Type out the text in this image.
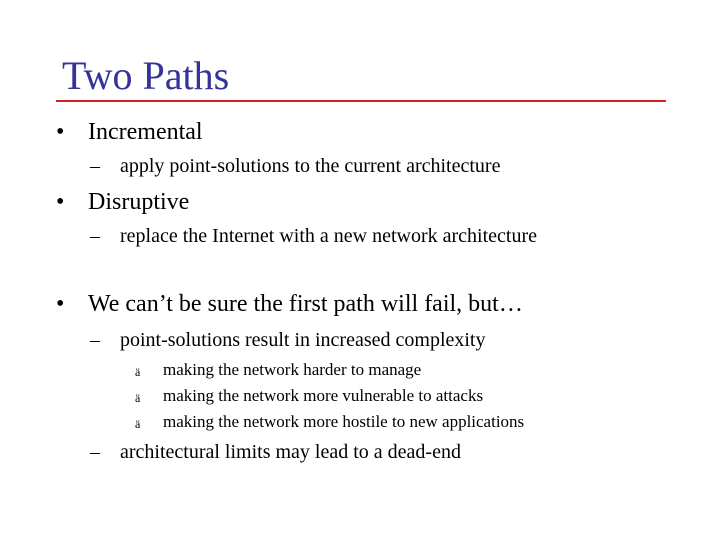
Two Paths
• Incremental
– apply point-solutions to the current architecture
• Disruptive
– replace the Internet with a new network architecture
• We can’t be sure the first path will fail, but…
– point-solutions result in increased complexity
ä making the network harder to manage
ä making the network more vulnerable to attacks
ä making the network more hostile to new applications
– architectural limits may lead to a dead-end
